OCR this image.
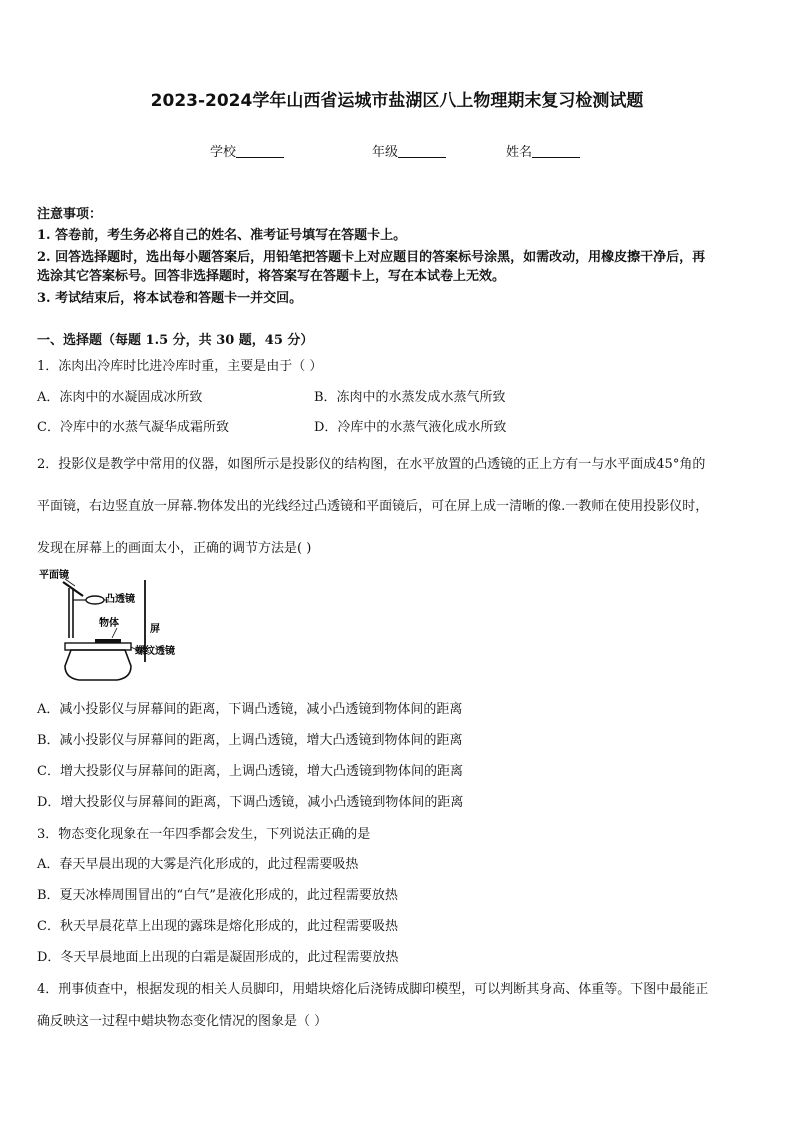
2023-2024学年山西省运城市盐湖区八上物理期末复习检测试题
学校	年级	姓名
注意事项：
1. 答卷前，考生务必将自己的姓名、准考证号填写在答题卡上。
2. 回答选择题时，选出每小题答案后，用铅笔把答题卡上对应题目的答案标号涂黑，如需改动，用橡皮擦干净后，再
选涂其它答案标号。回答非选择题时，将答案写在答题卡上，写在本试卷上无效。
3. 考试结束后，将本试卷和答题卡一并交回。
一、选择题（每题 1.5 分，共 30 题，45 分）
1．冻肉出冷库时比进冷库时重，主要是由于（ ）
A．冻肉中的水凝固成冰所致	B．冻肉中的水蒸发成水蒸气所致
C．冷库中的水蒸气凝华成霜所致	D．冷库中的水蒸气液化成水所致
2．投影仪是教学中常用的仪器，如图所示是投影仪的结构图，在水平放置的凸透镜的正上方有一与水平面成45°角的
平面镜，右边竖直放一屏幕.物体发出的光线经过凸透镜和平面镜后，可在屏上成一清晰的像.一教师在使用投影仪时，
发现在屏幕上的画面太小，正确的调节方法是( )
平面镜
凸透镜
物体
屏
螺纹透镜
A．减小投影仪与屏幕间的距离，下调凸透镜，减小凸透镜到物体间的距离
B．减小投影仪与屏幕间的距离，上调凸透镜，增大凸透镜到物体间的距离
C．增大投影仪与屏幕间的距离，上调凸透镜，增大凸透镜到物体间的距离
D．增大投影仪与屏幕间的距离，下调凸透镜，减小凸透镜到物体间的距离
3．物态变化现象在一年四季都会发生，下列说法正确的是
A．春天早晨出现的大雾是汽化形成的，此过程需要吸热
B．夏天冰棒周围冒出的“白气”是液化形成的，此过程需要放热
C．秋天早晨花草上出现的露珠是熔化形成的，此过程需要吸热
D．冬天早晨地面上出现的白霜是凝固形成的，此过程需要放热
4．刑事侦查中，根据发现的相关人员脚印，用蜡块熔化后浇铸成脚印模型，可以判断其身高、体重等。下图中最能正
确反映这一过程中蜡块物态变化情况的图象是（ ）
